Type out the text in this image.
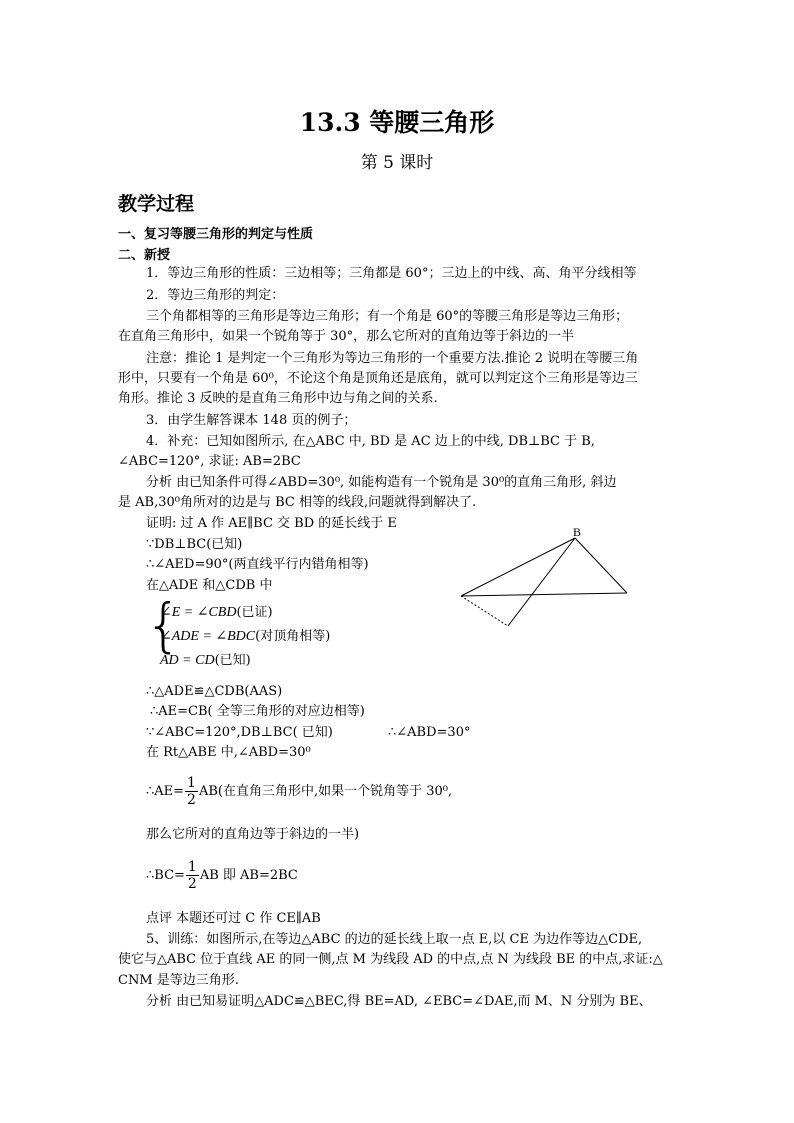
13.3 等腰三角形
第 5 课时
教学过程
一、复习等腰三角形的判定与性质
二、新授
1．等边三角形的性质：三边相等；三角都是 60°；三边上的中线、高、角平分线相等
2．等边三角形的判定：
三个角都相等的三角形是等边三角形；有一个角是 60°的等腰三角形是等边三角形；
在直角三角形中，如果一个锐角等于 30°，那么它所对的直角边等于斜边的一半
注意：推论 1 是判定一个三角形为等边三角形的一个重要方法.推论 2 说明在等腰三角
形中，只要有一个角是 60⁰，不论这个角是顶角还是底角，就可以判定这个三角形是等边三
角形。推论 3 反映的是直角三角形中边与角之间的关系.
3．由学生解答课本 148 页的例子；
4．补充：已知如图所示, 在△ABC 中, BD 是 AC 边上的中线, DB⊥BC 于 B,
∠ABC=120°, 求证: AB=2BC
分析 由已知条件可得∠ABD=30⁰, 如能构造有一个锐角是 30⁰的直角三角形, 斜边
是 AB,30⁰角所对的边是与 BC 相等的线段,问题就得到解决了.
证明: 过 A 作 AE∥BC 交 BD 的延长线于 E
∵DB⊥BC(已知)
∴∠AED=90°(两直线平行内错角相等)
在△ADE 和△CDB 中
{
∠E = ∠CBD(已证)
∠ADE = ∠BDC(对顶角相等)
AD = CD(已知)
∴△ADE≌△CDB(AAS)
∴AE=CB( 全等三角形的对应边相等)
∵∠ABC=120°,DB⊥BC( 已知)	∴∠ABD=30°
在 Rt△ABE 中,∠ABD=30⁰
∴AE= $\frac{1}{2} AB$(在直角三角形中,如果一个锐角等于 30⁰,
那么它所对的直角边等于斜边的一半)
∴BC= $\frac{1}{2}$ AB 即 AB=2BC
点评 本题还可过 C 作 CE∥AB
5、训练：如图所示,在等边△ABC 的边的延长线上取一点 E,以 CE 为边作等边△CDE,
使它与△ABC 位于直线 AE 的同一侧,点 M 为线段 AD 的中点,点 N 为线段 BE 的中点,求证:△
CNM 是等边三角形.
分析 由已知易证明△ADC≌△BEC,得 BE=AD, ∠EBC=∠DAE,而 M、N 分别为 BE、
B
